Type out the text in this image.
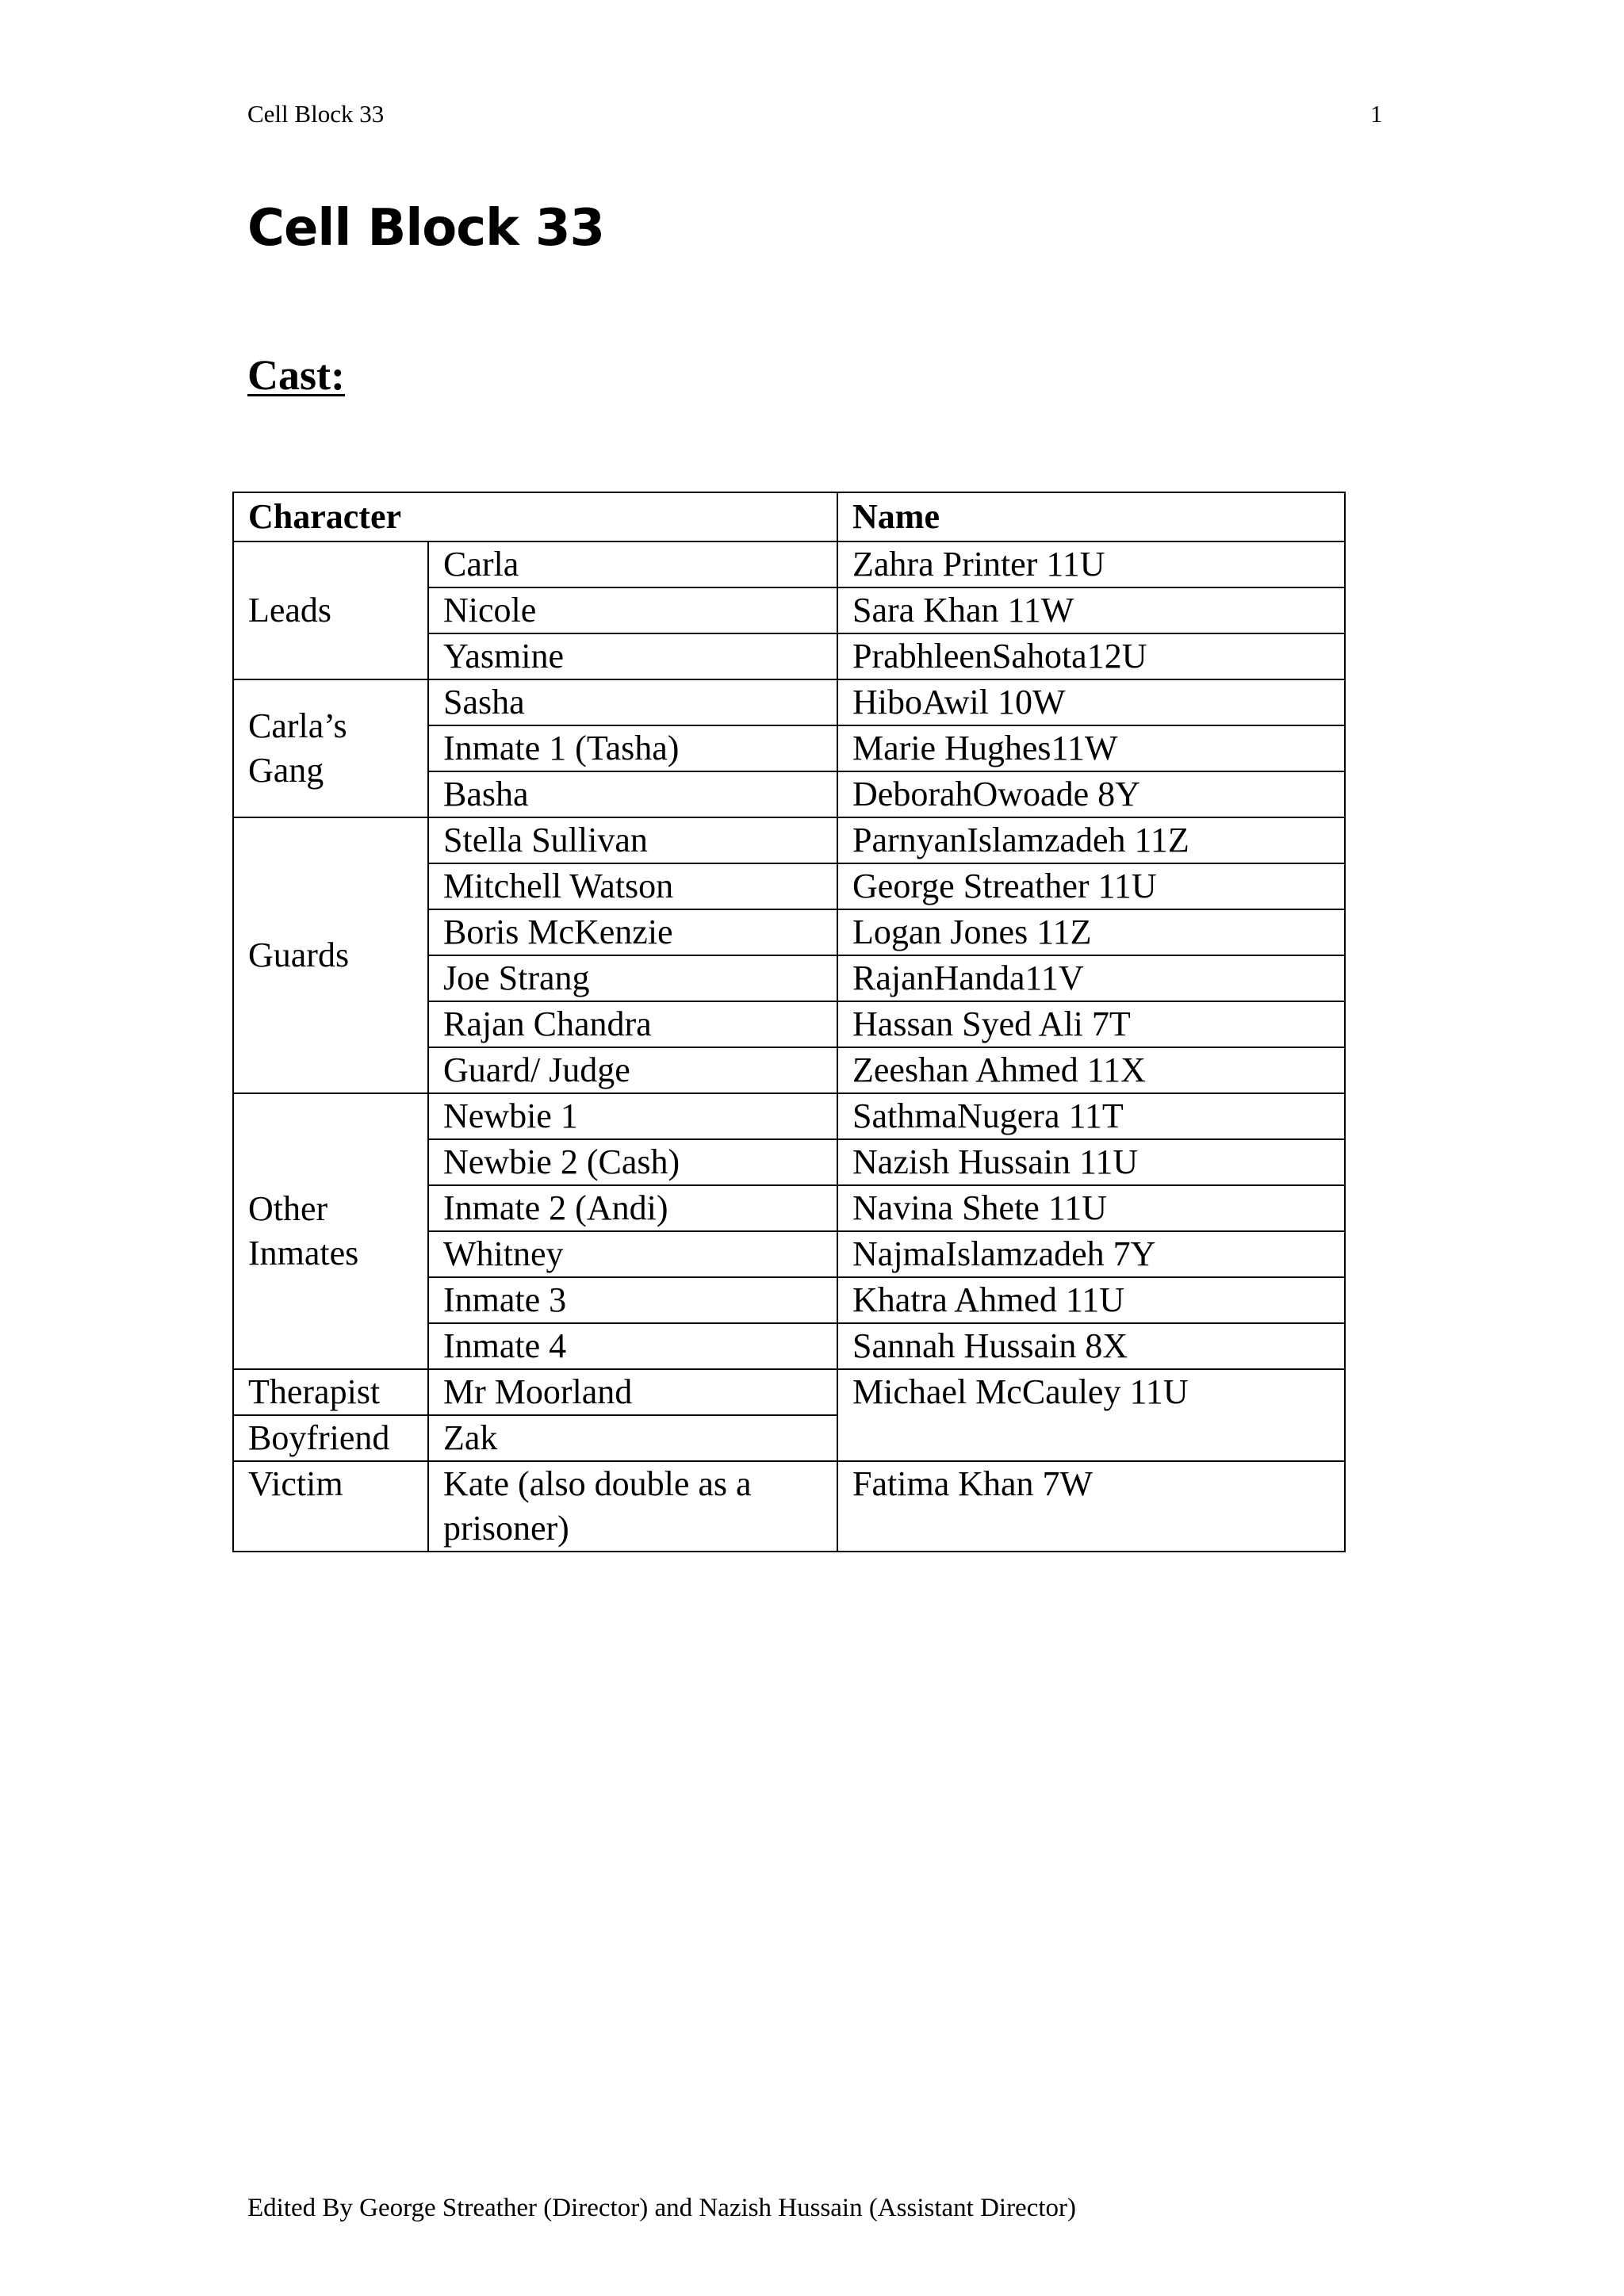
Cell Block 33	1
Cell Block 33
Cast:
Character		Name
Leads	Carla	Zahra Printer 11U
	Nicole	Sara Khan 11W
	Yasmine	PrabhleenSahota12U
Carla’s Gang	Sasha	HiboAwil 10W
	Inmate 1 (Tasha)	Marie Hughes11W
	Basha	DeborahOwoade 8Y
Guards	Stella Sullivan	ParnyanIslamzadeh 11Z
	Mitchell Watson	George Streather 11U
	Boris McKenzie	Logan Jones 11Z
	Joe Strang	RajanHanda11V
	Rajan Chandra	Hassan Syed Ali 7T
	Guard/ Judge	Zeeshan Ahmed 11X
Other Inmates	Newbie 1	SathmaNugera 11T
	Newbie 2 (Cash)	Nazish Hussain 11U
	Inmate 2 (Andi)	Navina Shete 11U
	Whitney	NajmaIslamzadeh 7Y
	Inmate 3	Khatra Ahmed 11U
	Inmate 4	Sannah Hussain 8X
Therapist	Mr Moorland	Michael McCauley 11U
Boyfriend	Zak	
Victim	Kate (also double as a prisoner)	Fatima Khan 7W
Edited By George Streather (Director) and Nazish Hussain (Assistant Director)
